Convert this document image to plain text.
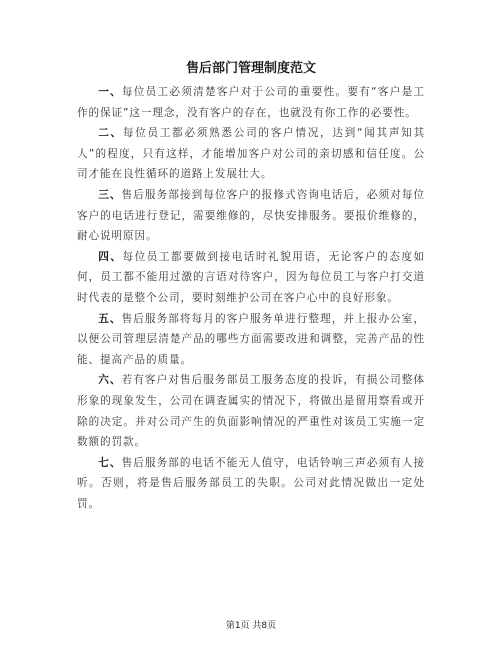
售后部门管理制度范文

一、每位员工必须清楚客户对于公司的重要性。要有“客户是工作的保证”这一理念，没有客户的存在，也就没有你工作的必要性。

二、每位员工都必须熟悉公司的客户情况，达到“闻其声知其人”的程度，只有这样，才能增加客户对公司的亲切感和信任度。公司才能在良性循环的道路上发展壮大。

三、售后服务部接到每位客户的报修式咨询电话后，必须对每位客户的电话进行登记，需要维修的，尽快安排服务。要报价维修的，耐心说明原因。

四、每位员工都要做到接电话时礼貌用语，无论客户的态度如何，员工都不能用过激的言语对待客户，因为每位员工与客户打交道时代表的是整个公司，要时刻维护公司在客户心中的良好形象。

五、售后服务部将每月的客户服务单进行整理，并上报办公室，以便公司管理层清楚产品的哪些方面需要改进和调整，完善产品的性能、提高产品的质量。

六、若有客户对售后服务部员工服务态度的投诉，有损公司整体形象的现象发生，公司在调查属实的情况下，将做出是留用察看或开除的决定。并对公司产生的负面影响情况的严重性对该员工实施一定数额的罚款。

七、售后服务部的电话不能无人值守，电话铃响三声必须有人接听。否则，将是售后服务部员工的失职。公司对此情况做出一定处罚。

第1页 共8页
